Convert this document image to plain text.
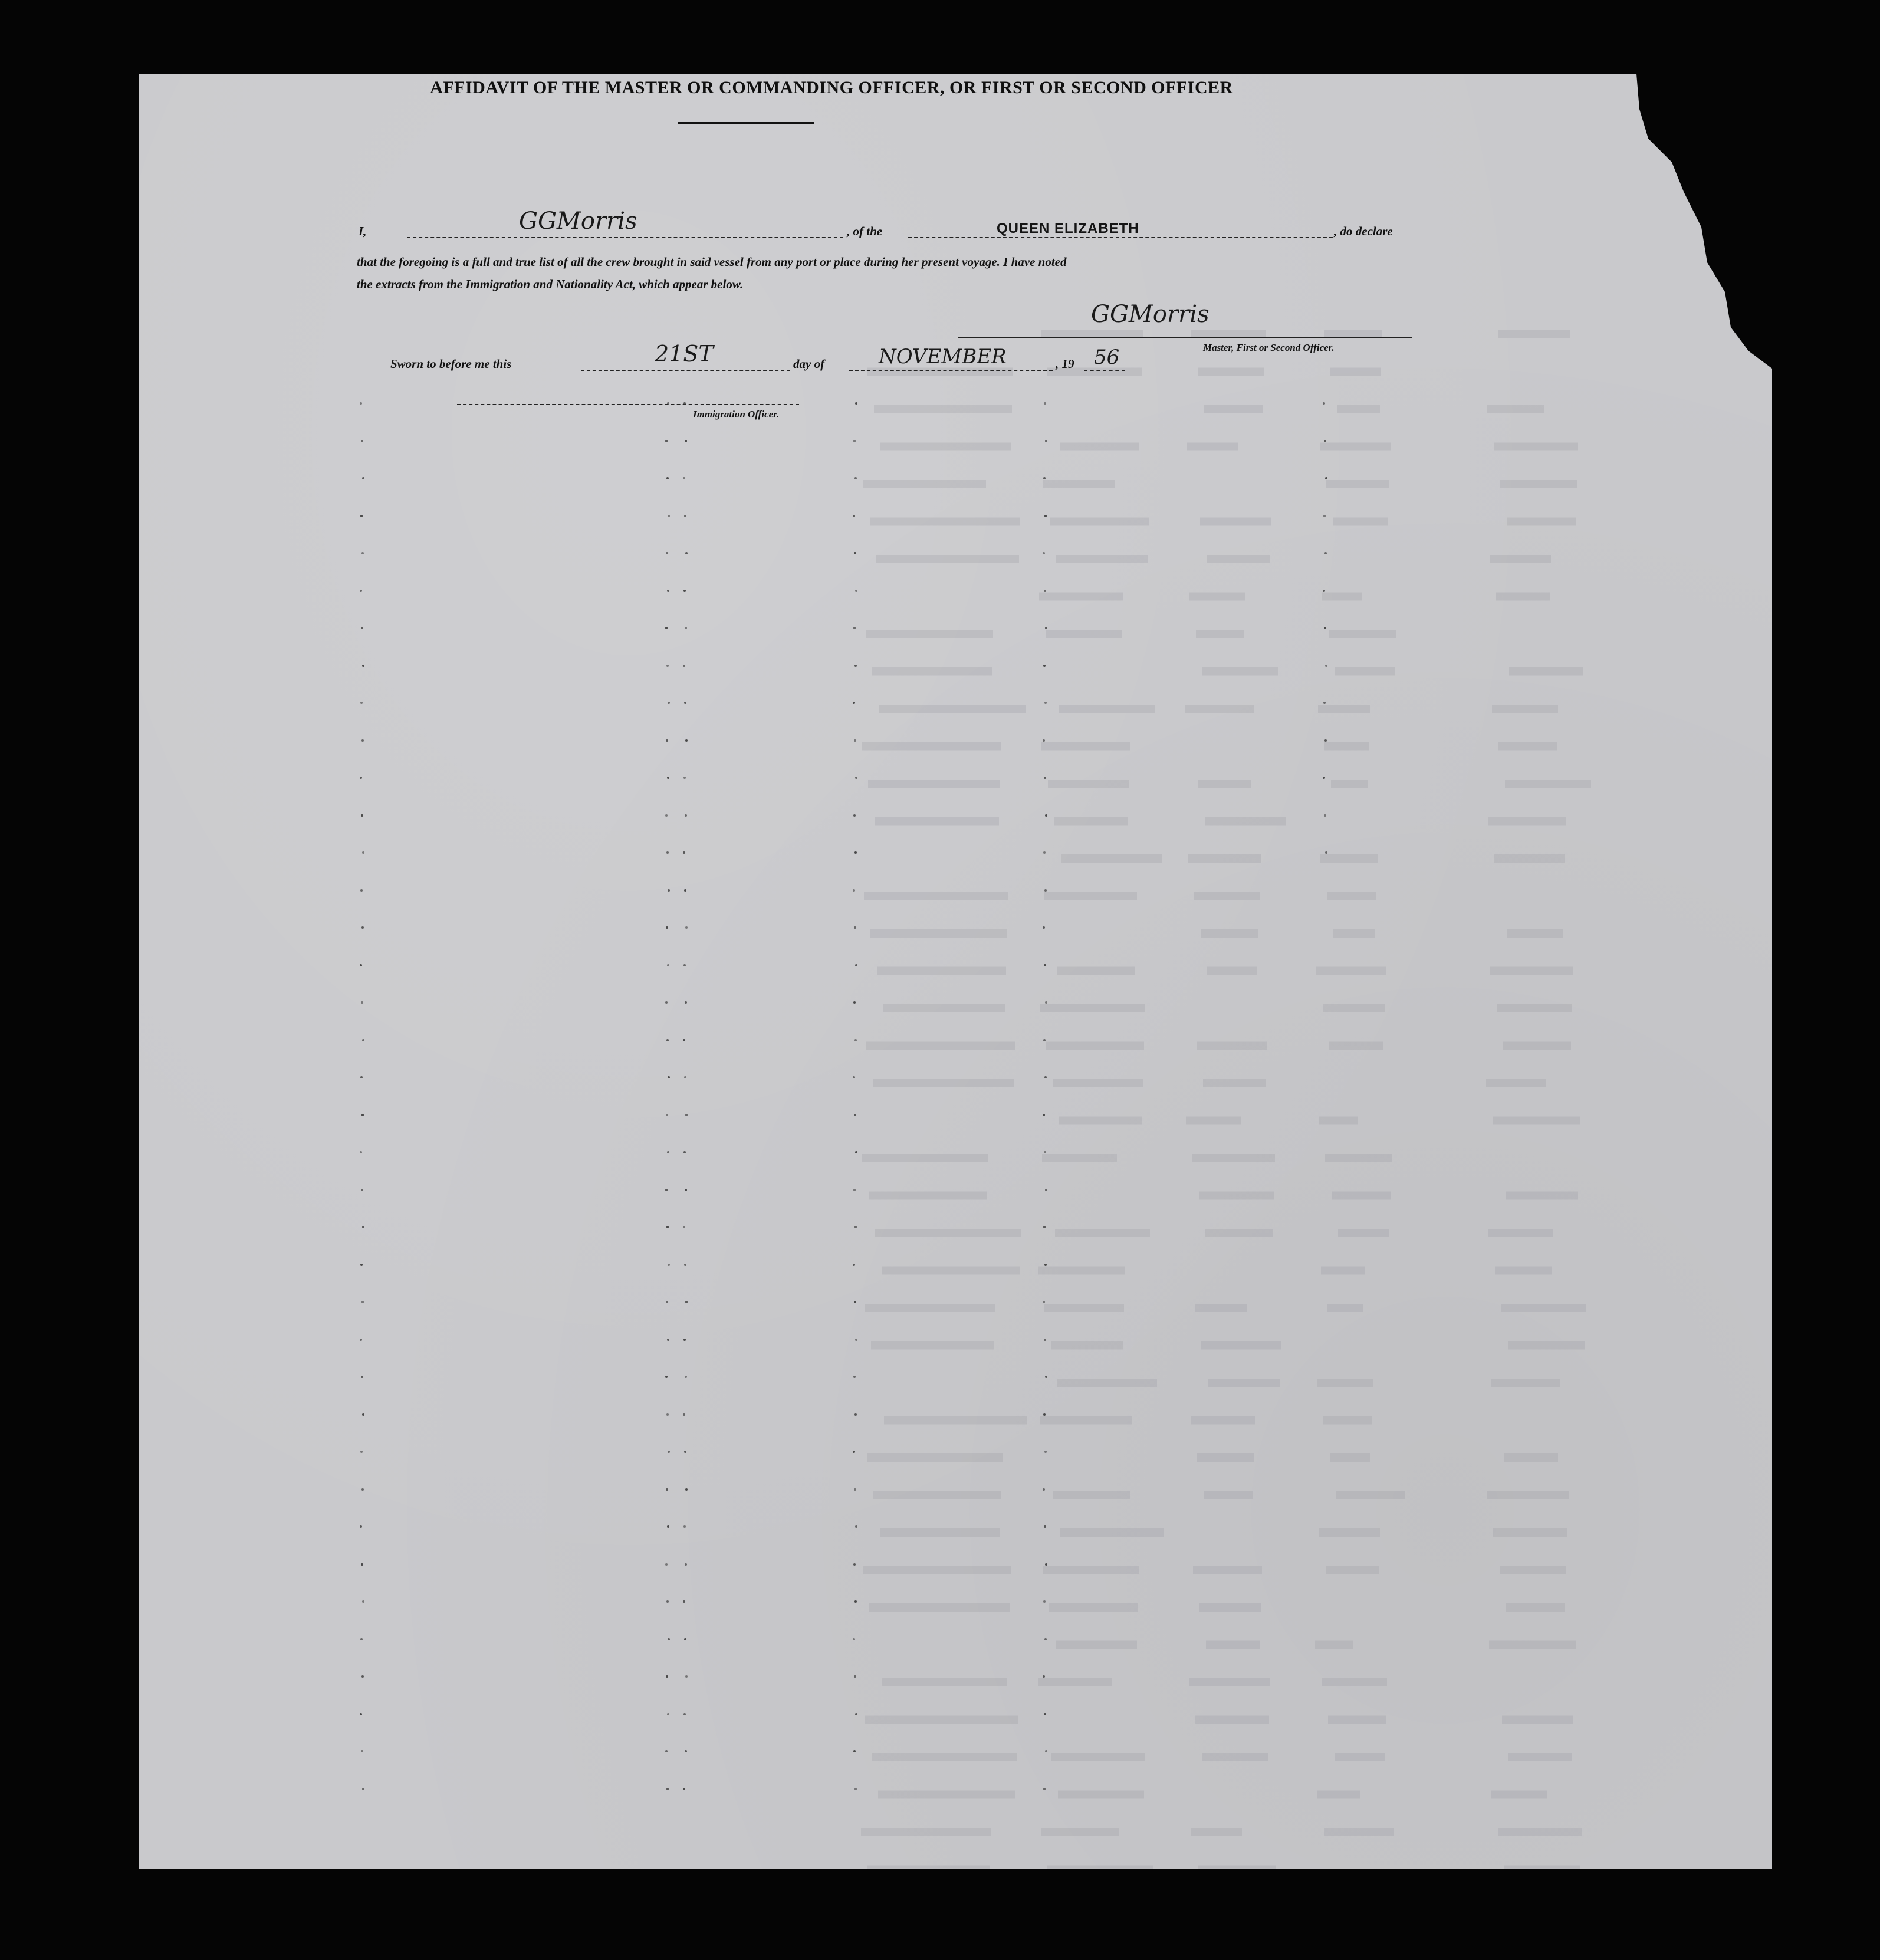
AFFIDAVIT OF THE MASTER OR COMMANDING OFFICER, OR FIRST OR SECOND OFFICER
I,	GGMorris	, of the	QUEEN ELIZABETH	, do declare
that the foregoing is a full and true list of all the crew brought in said vessel from any port or place during her present voyage. I have noted
the extracts from the Immigration and Nationality Act, which appear below.
GGMorris
Master, First or Second Officer.
Sworn to before me this	21ST	day of	NOVEMBER	, 19 56
Immigration Officer.
